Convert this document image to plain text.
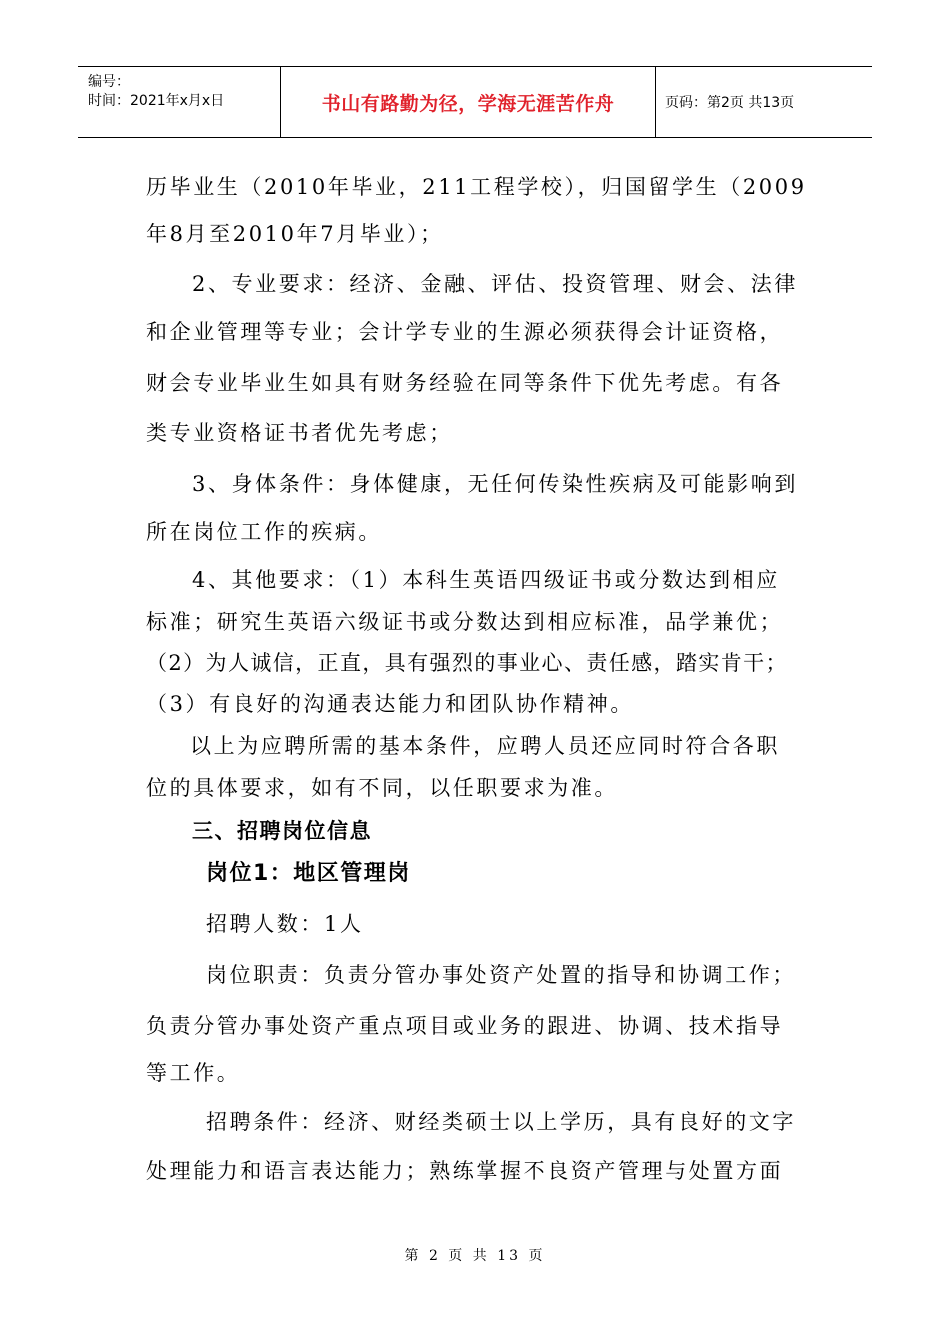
编号：
时间：2021年x月x日	书山有路勤为径，学海无涯苦作舟	页码：第2页 共13页
历毕业生（2010年毕业，211工程学校），归国留学生（2009
年8月至2010年7月毕业）；
2、专业要求：经济、金融、评估、投资管理、财会、法律
和企业管理等专业；会计学专业的生源必须获得会计证资格，
财会专业毕业生如具有财务经验在同等条件下优先考虑。有各
类专业资格证书者优先考虑；
3、身体条件：身体健康，无任何传染性疾病及可能影响到
所在岗位工作的疾病。
4、其他要求：（1）本科生英语四级证书或分数达到相应
标准；研究生英语六级证书或分数达到相应标准，品学兼优；
（2）为人诚信，正直，具有强烈的事业心、责任感，踏实肯干；
（3）有良好的沟通表达能力和团队协作精神。
以上为应聘所需的基本条件，应聘人员还应同时符合各职
位的具体要求，如有不同，以任职要求为准。
三、招聘岗位信息
岗位1：地区管理岗
招聘人数：1人
岗位职责：负责分管办事处资产处置的指导和协调工作；
负责分管办事处资产重点项目或业务的跟进、协调、技术指导
等工作。
招聘条件：经济、财经类硕士以上学历，具有良好的文字
处理能力和语言表达能力；熟练掌握不良资产管理与处置方面
第 2 页 共 13 页
